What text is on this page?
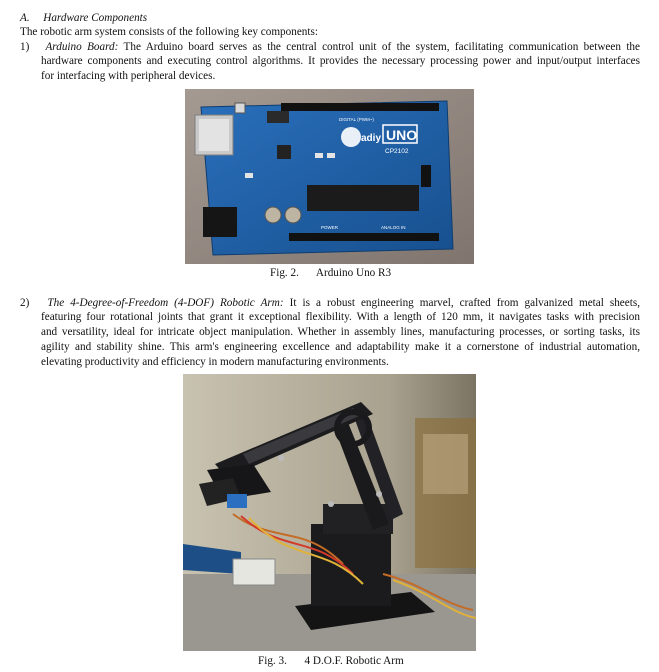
A. Hardware Components
The robotic arm system consists of the following key components:
1) Arduino Board: The Arduino board serves as the central control unit of the system, facilitating communication between the
hardware components and executing control algorithms. It provides the necessary processing power and input/output interfaces
for interfacing with peripheral devices.
adiy UNO
CP2102
DIGITAL (PWM~)
ANALOG IN
POWER
Fig. 2. Arduino Uno R3
2) The 4-Degree-of-Freedom (4-DOF) Robotic Arm: It is a robust engineering marvel, crafted from galvanized metal sheets,
featuring four rotational joints that grant it exceptional flexibility. With a length of 120 mm, it navigates tasks with precision
and versatility, ideal for intricate object manipulation. Whether in assembly lines, manufacturing processes, or sorting tasks, its
agility and stability shine. This arm's engineering excellence and adaptability make it a cornerstone of industrial automation,
elevating productivity and efficiency in modern manufacturing environments.
Fig. 3. 4 D.O.F. Robotic Arm
